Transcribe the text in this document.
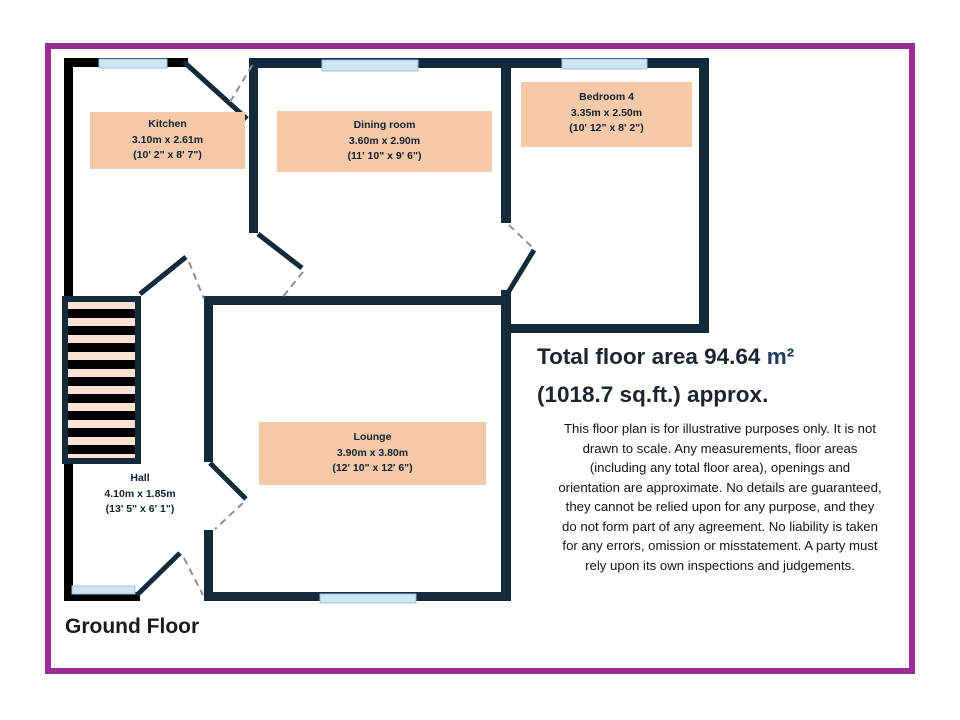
Kitchen
3.10m x 2.61m
(10' 2" x 8' 7")
Dining room
3.60m x 2.90m
(11' 10" x 9' 6")
Bedroom 4
3.35m x 2.50m
(10' 12" x 8' 2")
Lounge
3.90m x 3.80m
(12' 10" x 12' 6")
Hall
4.10m x 1.85m
(13' 5" x 6' 1")
Total floor area 94.64 m²
(1018.7 sq.ft.) approx.
This floor plan is for illustrative purposes only. It is not
drawn to scale. Any measurements, floor areas
(including any total floor area), openings and
orientation are approximate. No details are guaranteed,
they cannot be relied upon for any purpose, and they
do not form part of any agreement. No liability is taken
for any errors, omission or misstatement. A party must
rely upon its own inspections and judgements.
Ground Floor
